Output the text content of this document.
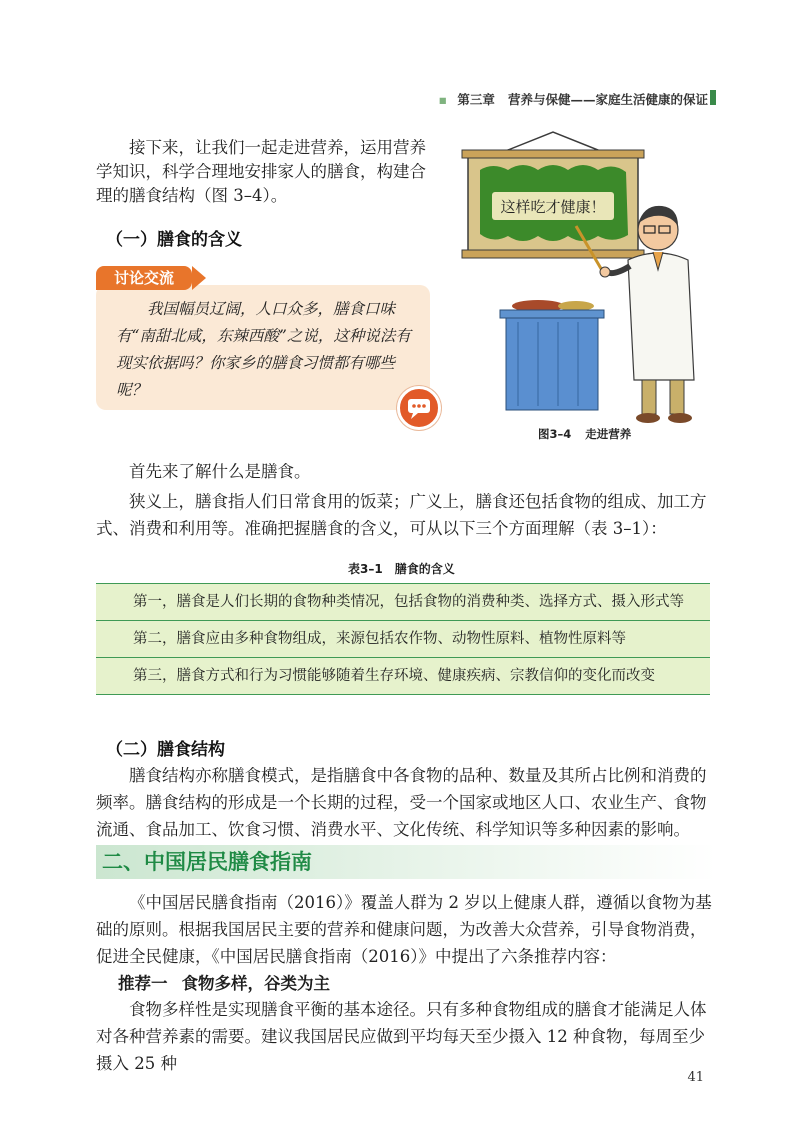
▪ 第三章 营养与保健——家庭生活健康的保证

接下来，让我们一起走进营养，运用营养学知识，科学合理地安排家人的膳食，构建合理的膳食结构（图 3–4）。

（一）膳食的含义
讨论交流

我国幅员辽阔，人口众多，膳食口味有“南甜北咸，东辣西酸”之说，这种说法有现实依据吗？你家乡的膳食习惯都有哪些呢？

这样吃才健康！
图3–4 走进营养

首先来了解什么是膳食。

狭义上，膳食指人们日常食用的饭菜；广义上，膳食还包括食物的组成、加工方式、消费和利用等。准确把握膳食的含义，可从以下三个方面理解（表 3–1）：

表3–1 膳食的含义
第一，膳食是人们长期的食物种类情况，包括食物的消费种类、选择方式、摄入形式等
第二，膳食应由多种食物组成，来源包括农作物、动物性原料、植物性原料等
第三，膳食方式和行为习惯能够随着生存环境、健康疾病、宗教信仰的变化而改变
（二）膳食结构

膳食结构亦称膳食模式，是指膳食中各食物的品种、数量及其所占比例和消费的频率。膳食结构的形成是一个长期的过程，受一个国家或地区人口、农业生产、食物流通、食品加工、饮食习惯、消费水平、文化传统、科学知识等多种因素的影响。

二、中国居民膳食指南

《中国居民膳食指南（2016）》覆盖人群为 2 岁以上健康人群，遵循以食物为基础的原则。根据我国居民主要的营养和健康问题，为改善大众营养，引导食物消费，促进全民健康，《中国居民膳食指南（2016）》中提出了六条推荐内容：

推荐一 食物多样，谷类为主

食物多样性是实现膳食平衡的基本途径。只有多种食物组成的膳食才能满足人体对各种营养素的需要。建议我国居民应做到平均每天至少摄入 12 种食物，每周至少摄入 25 种

41
